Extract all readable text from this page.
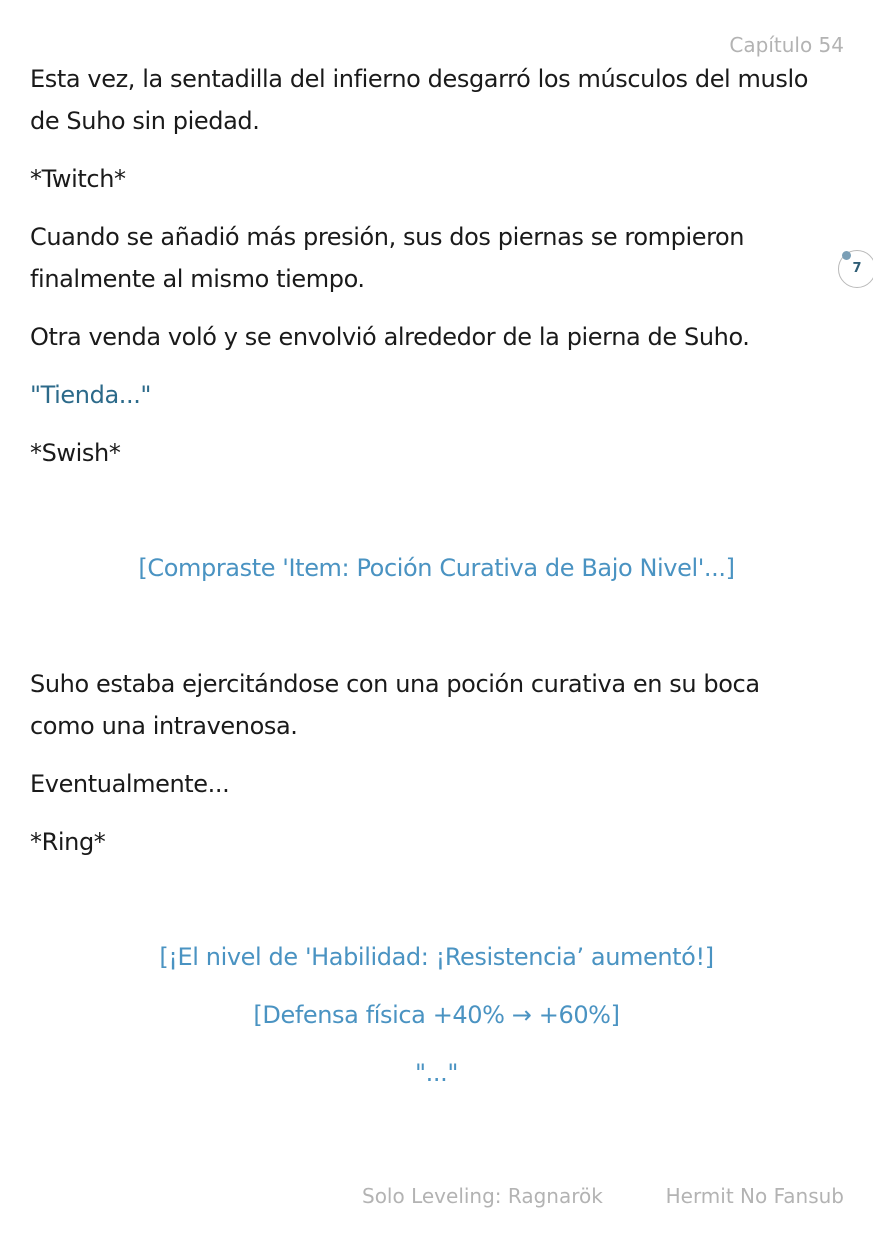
Capítulo 54

Esta vez, la sentadilla del infierno desgarró los músculos del muslo de Suho sin piedad.

*Twitch*

Cuando se añadió más presión, sus dos piernas se rompieron finalmente al mismo tiempo.

Otra venda voló y se envolvió alrededor de la pierna de Suho.

"Tienda..."

*Swish*

[Compraste 'Item: Poción Curativa de Bajo Nivel'...]

Suho estaba ejercitándose con una poción curativa en su boca como una intravenosa.

Eventualmente...

*Ring*

[¡El nivel de 'Habilidad: ¡Resistencia’ aumentó!]

[Defensa física +40% → +60%]

"..."

7
Solo Leveling: Ragnarök	Hermit No Fansub
